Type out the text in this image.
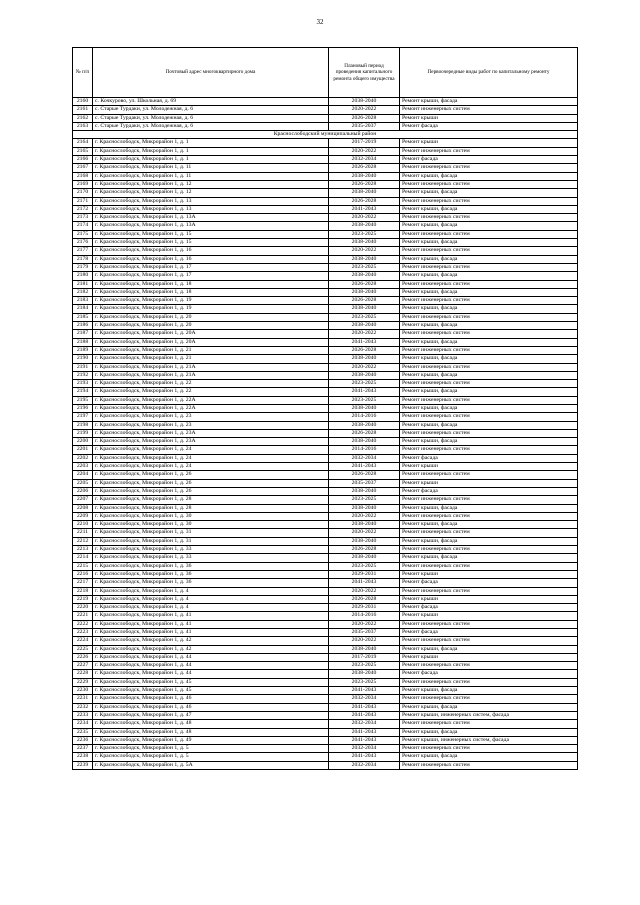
32
№ п/п	Почтовый адрес многоквартирного дома	Плановый период проведения капитального ремонта общего имущества	Первоочередные виды работ по капитальному ремонту
2160	с. Кочкурово, ул. Школьная, д. 69	2038-2040	Ремонт крыши, фасада
2161	с. Старые Турдаки, ул. Молодежная, д. 6	2020-2022	Ремонт инженерных систем
2162	с. Старые Турдаки, ул. Молодежная, д. 6	2026-2028	Ремонт крыши
2163	с. Старые Турдаки, ул. Молодежная, д. 6	2035-2037	Ремонт фасада
Краснослободский муниципальный район			
2164	г. Краснослободск, Микрорайон 1, д. 1	2017-2019	Ремонт крыши
2165	г. Краснослободск, Микрорайон 1, д. 1	2020-2022	Ремонт инженерных систем
2166	г. Краснослободск, Микрорайон 1, д. 1	2032-2034	Ремонт фасада
2167	г. Краснослободск, Микрорайон 1, д. 11	2026-2028	Ремонт инженерных систем
2168	г. Краснослободск, Микрорайон 1, д. 11	2038-2040	Ремонт крыши, фасада
2169	г. Краснослободск, Микрорайон 1, д. 12	2026-2028	Ремонт инженерных систем
2170	г. Краснослободск, Микрорайон 1, д. 12	2038-2040	Ремонт крыши, фасада
2171	г. Краснослободск, Микрорайон 1, д. 13	2026-2028	Ремонт инженерных систем
2172	г. Краснослободск, Микрорайон 1, д. 13	2041-2043	Ремонт крыши, фасада
2173	г. Краснослободск, Микрорайон 1, д. 13А	2020-2022	Ремонт инженерных систем
2174	г. Краснослободск, Микрорайон 1, д. 13А	2038-2040	Ремонт крыши, фасада
2175	г. Краснослободск, Микрорайон 1, д. 15	2023-2025	Ремонт инженерных систем
2176	г. Краснослободск, Микрорайон 1, д. 15	2038-2040	Ремонт крыши, фасада
2177	г. Краснослободск, Микрорайон 1, д. 16	2020-2022	Ремонт инженерных систем
2178	г. Краснослободск, Микрорайон 1, д. 16	2038-2040	Ремонт крыши, фасада
2179	г. Краснослободск, Микрорайон 1, д. 17	2023-2025	Ремонт инженерных систем
2180	г. Краснослободск, Микрорайон 1, д. 17	2038-2040	Ремонт крыши, фасада
2181	г. Краснослободск, Микрорайон 1, д. 18	2026-2028	Ремонт инженерных систем
2182	г. Краснослободск, Микрорайон 1, д. 18	2038-2040	Ремонт крыши, фасада
2183	г. Краснослободск, Микрорайон 1, д. 19	2026-2028	Ремонт инженерных систем
2184	г. Краснослободск, Микрорайон 1, д. 19	2038-2040	Ремонт крыши, фасада
2185	г. Краснослободск, Микрорайон 1, д. 20	2023-2025	Ремонт инженерных систем
2186	г. Краснослободск, Микрорайон 1, д. 20	2038-2040	Ремонт крыши, фасада
2187	г. Краснослободск, Микрорайон 1, д. 20А	2020-2022	Ремонт инженерных систем
2188	г. Краснослободск, Микрорайон 1, д. 20А	2041-2043	Ремонт крыши, фасада
2189	г. Краснослободск, Микрорайон 1, д. 21	2026-2028	Ремонт инженерных систем
2190	г. Краснослободск, Микрорайон 1, д. 21	2038-2040	Ремонт крыши, фасада
2191	г. Краснослободск, Микрорайон 1, д. 21А	2020-2022	Ремонт инженерных систем
2192	г. Краснослободск, Микрорайон 1, д. 21А	2038-2040	Ремонт крыши, фасада
2193	г. Краснослободск, Микрорайон 1, д. 22	2023-2025	Ремонт инженерных систем
2194	г. Краснослободск, Микрорайон 1, д. 22	2041-2043	Ремонт крыши, фасада
2195	г. Краснослободск, Микрорайон 1, д. 22А	2023-2025	Ремонт инженерных систем
2196	г. Краснослободск, Микрорайон 1, д. 22А	2038-2040	Ремонт крыши, фасада
2197	г. Краснослободск, Микрорайон 1, д. 23	2014-2016	Ремонт инженерных систем
2198	г. Краснослободск, Микрорайон 1, д. 23	2038-2040	Ремонт крыши, фасада
2199	г. Краснослободск, Микрорайон 1, д. 23А	2026-2028	Ремонт инженерных систем
2200	г. Краснослободск, Микрорайон 1, д. 23А	2038-2040	Ремонт крыши, фасада
2201	г. Краснослободск, Микрорайон 1, д. 24	2014-2016	Ремонт инженерных систем
2202	г. Краснослободск, Микрорайон 1, д. 24	2032-2034	Ремонт фасада
2203	г. Краснослободск, Микрорайон 1, д. 24	2041-2043	Ремонт крыши
2204	г. Краснослободск, Микрорайон 1, д. 26	2026-2028	Ремонт инженерных систем
2205	г. Краснослободск, Микрорайон 1, д. 26	2035-2037	Ремонт крыши
2206	г. Краснослободск, Микрорайон 1, д. 26	2038-2040	Ремонт фасада
2207	г. Краснослободск, Микрорайон 1, д. 28	2023-2025	Ремонт инженерных систем
2208	г. Краснослободск, Микрорайон 1, д. 28	2038-2040	Ремонт крыши, фасада
2209	г. Краснослободск, Микрорайон 1, д. 30	2020-2022	Ремонт инженерных систем
2210	г. Краснослободск, Микрорайон 1, д. 30	2038-2040	Ремонт крыши, фасада
2211	г. Краснослободск, Микрорайон 1, д. 31	2020-2022	Ремонт инженерных систем
2212	г. Краснослободск, Микрорайон 1, д. 31	2038-2040	Ремонт крыши, фасада
2213	г. Краснослободск, Микрорайон 1, д. 33	2026-2028	Ремонт инженерных систем
2214	г. Краснослободск, Микрорайон 1, д. 33	2038-2040	Ремонт крыши, фасада
2215	г. Краснослободск, Микрорайон 1, д. 36	2023-2025	Ремонт инженерных систем
2216	г. Краснослободск, Микрорайон 1, д. 36	2029-2031	Ремонт крыши
2217	г. Краснослободск, Микрорайон 1, д. 36	2041-2043	Ремонт фасада
2218	г. Краснослободск, Микрорайон 1, д. 4	2020-2022	Ремонт инженерных систем
2219	г. Краснослободск, Микрорайон 1, д. 4	2026-2028	Ремонт крыши
2220	г. Краснослободск, Микрорайон 1, д. 4	2029-2031	Ремонт фасада
2221	г. Краснослободск, Микрорайон 1, д. 41	2014-2016	Ремонт крыши
2222	г. Краснослободск, Микрорайон 1, д. 41	2020-2022	Ремонт инженерных систем
2223	г. Краснослободск, Микрорайон 1, д. 41	2035-2037	Ремонт фасада
2224	г. Краснослободск, Микрорайон 1, д. 42	2020-2022	Ремонт инженерных систем
2225	г. Краснослободск, Микрорайон 1, д. 42	2038-2040	Ремонт крыши, фасада
2226	г. Краснослободск, Микрорайон 1, д. 44	2017-2019	Ремонт крыши
2227	г. Краснослободск, Микрорайон 1, д. 44	2023-2025	Ремонт инженерных систем
2228	г. Краснослободск, Микрорайон 1, д. 44	2038-2040	Ремонт фасада
2229	г. Краснослободск, Микрорайон 1, д. 45	2023-2025	Ремонт инженерных систем
2230	г. Краснослободск, Микрорайон 1, д. 45	2041-2043	Ремонт крыши, фасада
2231	г. Краснослободск, Микрорайон 1, д. 46	2032-2034	Ремонт инженерных систем
2232	г. Краснослободск, Микрорайон 1, д. 46	2041-2043	Ремонт крыши, фасада
2233	г. Краснослободск, Микрорайон 1, д. 47	2041-2043	Ремонт крыши, инженерных систем, фасада
2234	г. Краснослободск, Микрорайон 1, д. 48	2032-2034	Ремонт инженерных систем
2235	г. Краснослободск, Микрорайон 1, д. 48	2041-2043	Ремонт крыши, фасада
2236	г. Краснослободск, Микрорайон 1, д. 49	2041-2043	Ремонт крыши, инженерных систем, фасада
2237	г. Краснослободск, Микрорайон 1, д. 5	2032-2034	Ремонт инженерных систем
2238	г. Краснослободск, Микрорайон 1, д. 5	2041-2043	Ремонт крыши, фасада
2239	г. Краснослободск, Микрорайон 1, д. 5А	2032-2034	Ремонт инженерных систем
